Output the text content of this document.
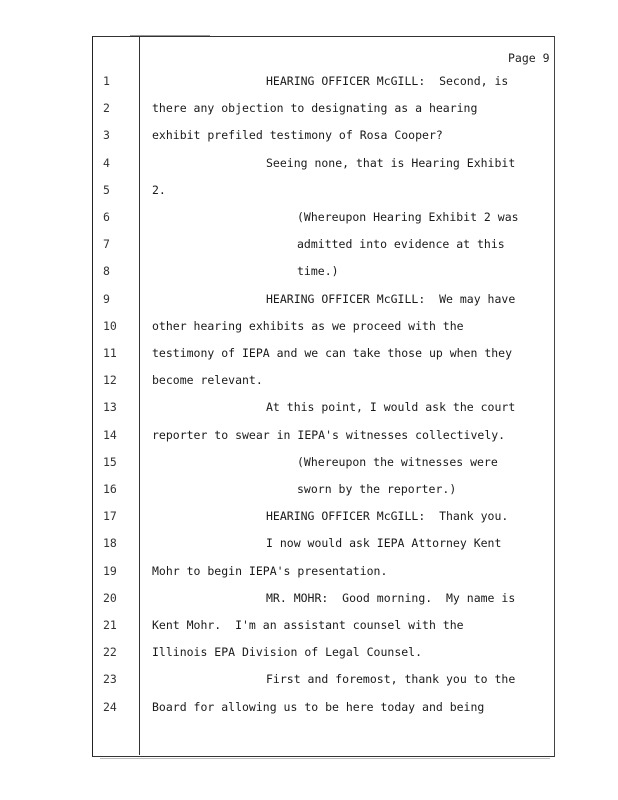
Page 9
1	HEARING OFFICER McGILL:  Second, is
2	there any objection to designating as a hearing
3	exhibit prefiled testimony of Rosa Cooper?
4	Seeing none, that is Hearing Exhibit
5	2.
6	(Whereupon Hearing Exhibit 2 was
7	admitted into evidence at this
8	time.)
9	HEARING OFFICER McGILL:  We may have
10	other hearing exhibits as we proceed with the
11	testimony of IEPA and we can take those up when they
12	become relevant.
13	At this point, I would ask the court
14	reporter to swear in IEPA's witnesses collectively.
15	(Whereupon the witnesses were
16	sworn by the reporter.)
17	HEARING OFFICER McGILL:  Thank you.
18	I now would ask IEPA Attorney Kent
19	Mohr to begin IEPA's presentation.
20	MR. MOHR:  Good morning.  My name is
21	Kent Mohr.  I'm an assistant counsel with the
22	Illinois EPA Division of Legal Counsel.
23	First and foremost, thank you to the
24	Board for allowing us to be here today and being
